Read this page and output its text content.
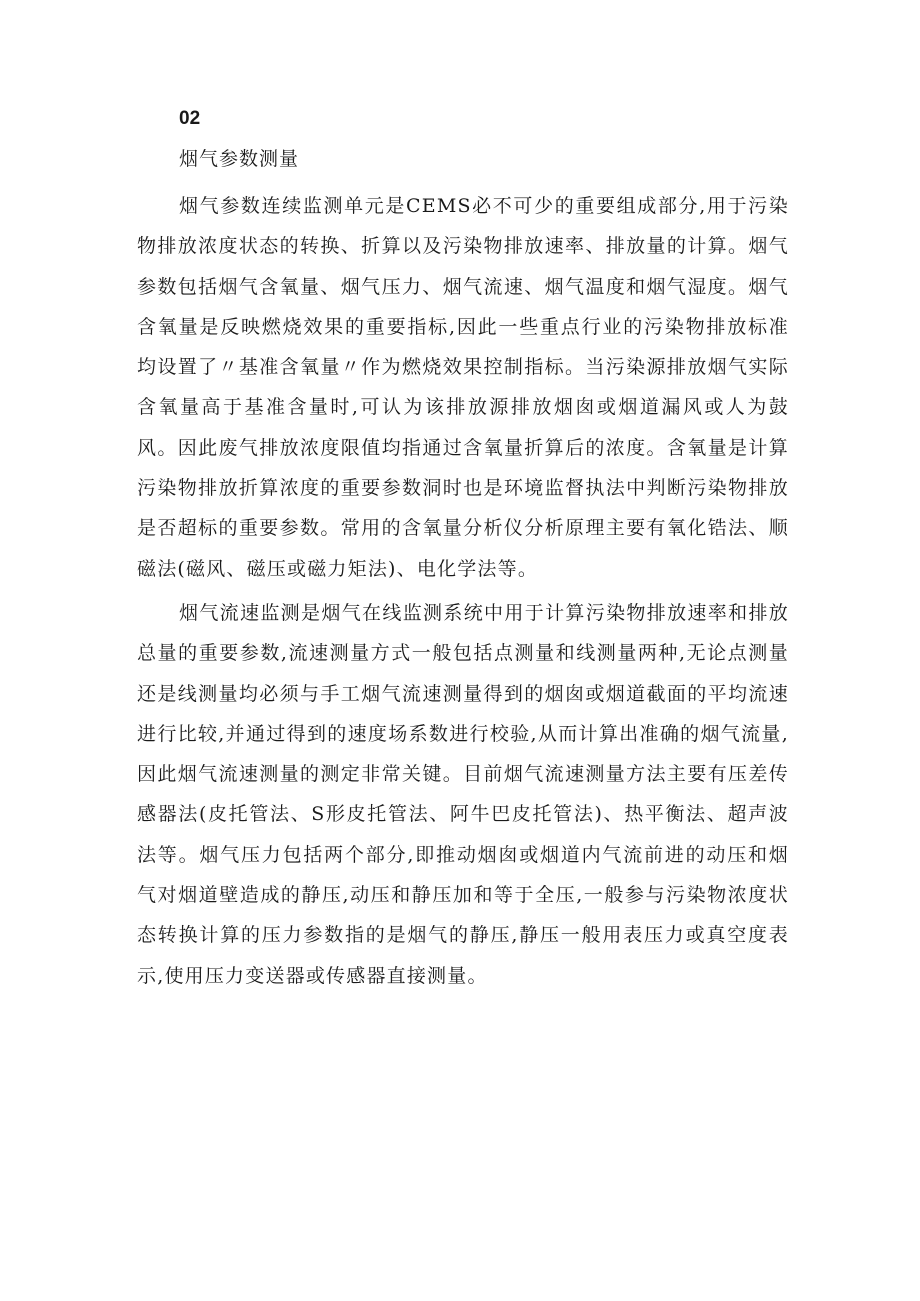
02
烟气参数测量

烟气参数连续监测单元是CEMS必不可少的重要组成部分,用于污染物排放浓度状态的转换、折算以及污染物排放速率、排放量的计算。烟气参数包括烟气含氧量、烟气压力、烟气流速、烟气温度和烟气湿度。烟气含氧量是反映燃烧效果的重要指标,因此一些重点行业的污染物排放标准均设置了〃基准含氧量〃作为燃烧效果控制指标。当污染源排放烟气实际含氧量高于基准含量时,可认为该排放源排放烟囱或烟道漏风或人为鼓风。因此废气排放浓度限值均指通过含氧量折算后的浓度。含氧量是计算污染物排放折算浓度的重要参数洞时也是环境监督执法中判断污染物排放是否超标的重要参数。常用的含氧量分析仪分析原理主要有氧化锆法、顺磁法(磁风、磁压或磁力矩法)、电化学法等。

烟气流速监测是烟气在线监测系统中用于计算污染物排放速率和排放总量的重要参数,流速测量方式一般包括点测量和线测量两种,无论点测量还是线测量均必须与手工烟气流速测量得到的烟囱或烟道截面的平均流速进行比较,并通过得到的速度场系数进行校验,从而计算出准确的烟气流量,因此烟气流速测量的测定非常关键。目前烟气流速测量方法主要有压差传感器法(皮托管法、S形皮托管法、阿牛巴皮托管法)、热平衡法、超声波法等。烟气压力包括两个部分,即推动烟囱或烟道内气流前进的动压和烟气对烟道壁造成的静压,动压和静压加和等于全压,一般参与污染物浓度状态转换计算的压力参数指的是烟气的静压,静压一般用表压力或真空度表示,使用压力变送器或传感器直接测量。
